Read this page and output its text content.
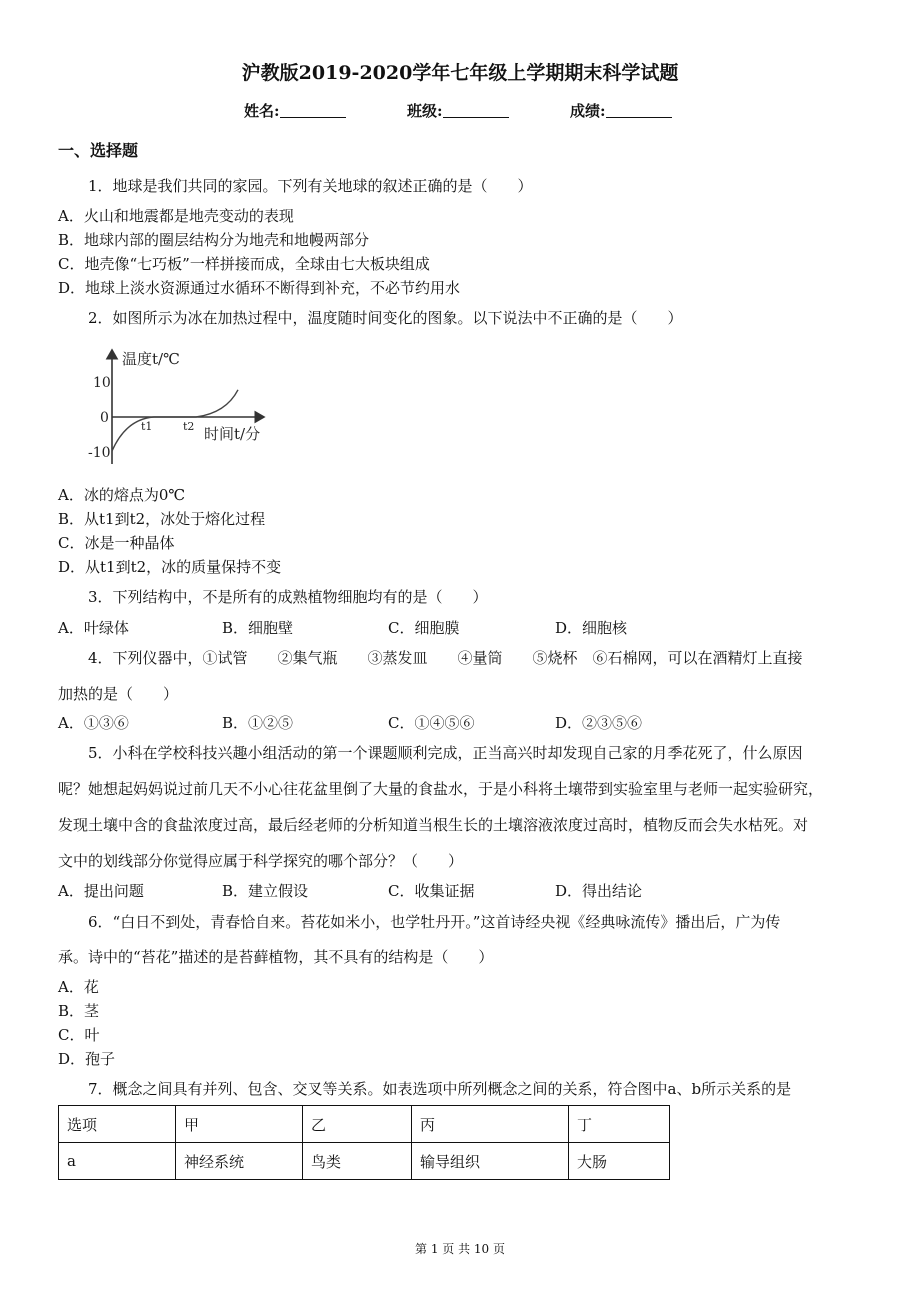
沪教版2019-2020学年七年级上学期期末科学试题
姓名:	班级:	成绩:
一、选择题
1．地球是我们共同的家园。下列有关地球的叙述正确的是（　　）
A．火山和地震都是地壳变动的表现
B．地球内部的圈层结构分为地壳和地幔两部分
C．地壳像“七巧板”一样拼接而成，全球由七大板块组成
D．地球上淡水资源通过水循环不断得到补充，不必节约用水
2．如图所示为冰在加热过程中，温度随时间变化的图象。以下说法中不正确的是（　　）
温度t/℃
时间t/分
10
0
-10
t1	t2
A．冰的熔点为0℃
B．从t1到t2，冰处于熔化过程
C．冰是一种晶体
D．从t1到t2，冰的质量保持不变
3．下列结构中，不是所有的成熟植物细胞均有的是（　　）
A．叶绿体	B．细胞壁	C．细胞膜	D．细胞核
4．下列仪器中，①试管　　②集气瓶　　③蒸发皿　　④量筒　　⑤烧杯　⑥石棉网，可以在酒精灯上直接
加热的是（　　）
A．①③⑥	B．①②⑤	C．①④⑤⑥	D．②③⑤⑥
5．小科在学校科技兴趣小组活动的第一个课题顺利完成，正当高兴时却发现自己家的月季花死了，什么原因
呢？她想起妈妈说过前几天不小心往花盆里倒了大量的食盐水，于是小科将土壤带到实验室里与老师一起实验研究，
发现土壤中含的食盐浓度过高，最后经老师的分析知道当根生长的土壤溶液浓度过高时，植物反而会失水枯死。对
文中的划线部分你觉得应属于科学探究的哪个部分？（　　）
A．提出问题	B．建立假设	C．收集证据	D．得出结论
6．“白日不到处，青春恰自来。苔花如米小，也学牡丹开。”这首诗经央视《经典咏流传》播出后，广为传
承。诗中的“苔花”描述的是苔藓植物，其不具有的结构是（　　）
A．花
B．茎
C．叶
D．孢子
7．概念之间具有并列、包含、交叉等关系。如表选项中所列概念之间的关系，符合图中a、b所示关系的是
选项	甲	乙	丙	丁
a	神经系统	鸟类	输导组织	大肠
第 1 页 共 10 页
